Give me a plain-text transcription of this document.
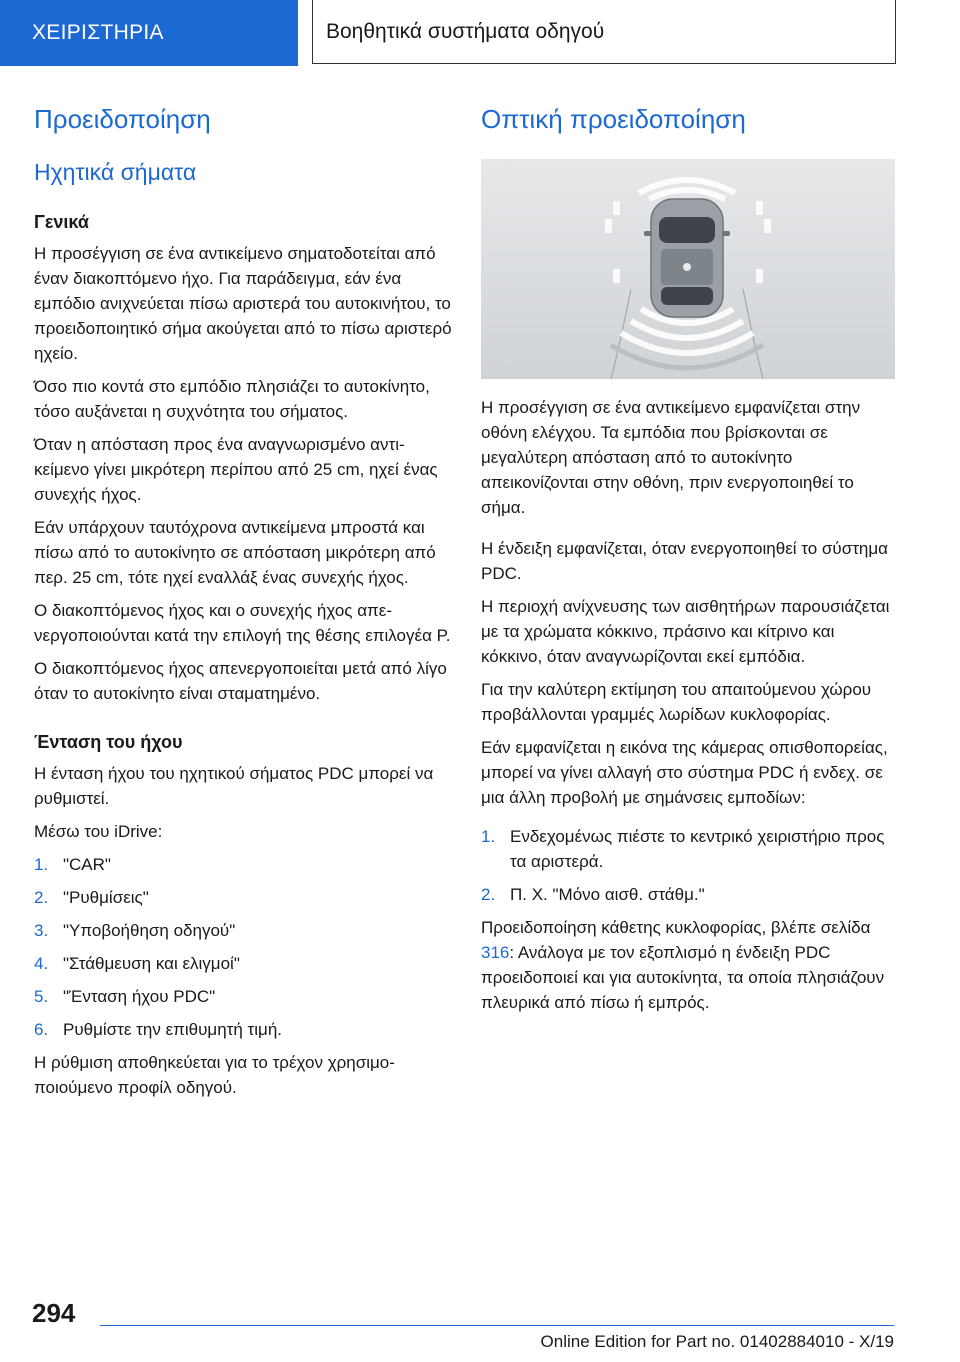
ΧΕΙΡΙΣΤΗΡΙΑ	Βοηθητικά συστήματα οδηγού
Προειδοποίηση
Ηχητικά σήματα
Γενικά

Η προσέγγιση σε ένα αντικείμενο σηματοδοτείται από έναν διακοπτόμενο ήχο. Για παράδειγμα, εάν ένα εμπόδιο ανιχνεύεται πίσω αριστερά του αυτοκινήτου, το προειδοποιητικό σήμα ακούγεται από το πίσω αριστερό ηχείο.

Όσο πιο κοντά στο εμπόδιο πλησιάζει το αυτοκίνητο, τόσο αυξάνεται η συχνότητα του σήματος.

Όταν η απόσταση προς ένα αναγνωρισμένο αντικείμενο γίνει μικρότερη περίπου από 25 cm, ηχεί ένας συνεχής ήχος.

Εάν υπάρχουν ταυτόχρονα αντικείμενα μπροστά και πίσω από το αυτοκίνητο σε απόσταση μικρότερη από περ. 25 cm, τότε ηχεί εναλλάξ ένας συνεχής ήχος.

Ο διακοπτόμενος ήχος και ο συνεχής ήχος απενεργοποιούνται κατά την επιλογή της θέσης επιλογέα P.

Ο διακοπτόμενος ήχος απενεργοποιείται μετά από λίγο όταν το αυτοκίνητο είναι σταματημένο.

Ένταση του ήχου

Η ένταση ήχου του ηχητικού σήματος PDC μπορεί να ρυθμιστεί.

Μέσω του iDrive:

1. "CAR"
2. "Ρυθμίσεις"
3. "Υποβοήθηση οδηγού"
4. "Στάθμευση και ελιγμοί"
5. "Ένταση ήχου PDC"
6. Ρυθμίστε την επιθυμητή τιμή.

Η ρύθμιση αποθηκεύεται για το τρέχον χρησιμοποιούμενο προφίλ οδηγού.

Οπτική προειδοποίηση

Η προσέγγιση σε ένα αντικείμενο εμφανίζεται στην οθόνη ελέγχου. Τα εμπόδια που βρίσκονται σε μεγαλύτερη απόσταση από το αυτοκίνητο απεικονίζονται στην οθόνη, πριν ενεργοποιηθεί το σήμα.

Η ένδειξη εμφανίζεται, όταν ενεργοποιηθεί το σύστημα PDC.

Η περιοχή ανίχνευσης των αισθητήρων παρουσιάζεται με τα χρώματα κόκκινο, πράσινο και κίτρινο και κόκκινο, όταν αναγνωρίζονται εκεί εμπόδια.

Για την καλύτερη εκτίμηση του απαιτούμενου χώρου προβάλλονται γραμμές λωρίδων κυκλοφορίας.

Εάν εμφανίζεται η εικόνα της κάμερας οπισθοπορείας, μπορεί να γίνει αλλαγή στο σύστημα PDC ή ενδεχ. σε μια άλλη προβολή με σημάνσεις εμποδίων:

1. Ενδεχομένως πιέστε το κεντρικό χειριστήριο προς τα αριστερά.
2. Π. Χ. "Μόνο αισθ. στάθμ."

Προειδοποίηση κάθετης κυκλοφορίας, βλέπε σελίδα 316: Ανάλογα με τον εξοπλισμό η ένδειξη PDC προειδοποιεί και για αυτοκίνητα, τα οποία πλησιάζουν πλευρικά από πίσω ή εμπρός.

294
Online Edition for Part no. 01402884010 - X/19
